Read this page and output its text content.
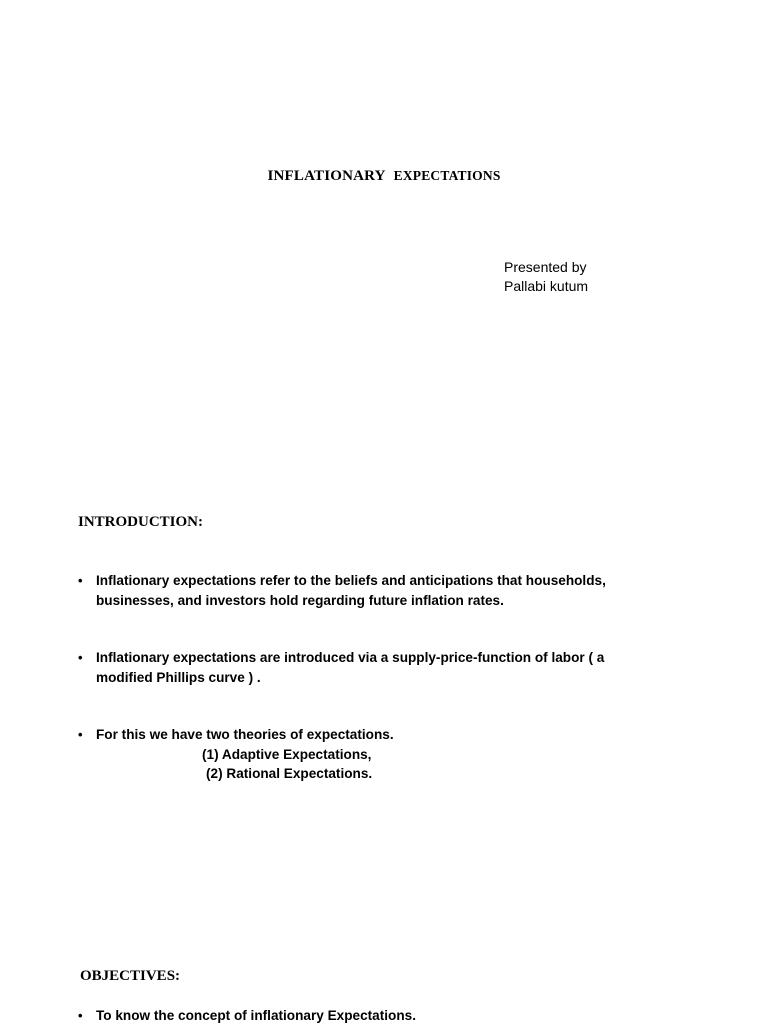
INFLATIONARY EXPECTATIONS
Presented by
Pallabi kutum
INTRODUCTION:
• Inflationary expectations refer to the beliefs and anticipations that households,
businesses, and investors hold regarding future inflation rates.
• Inflationary expectations are introduced via a supply-price-function of labor ( a
modified Phillips curve ) .
• For this we have two theories of expectations.
(1) Adaptive Expectations,
(2) Rational Expectations.
OBJECTIVES:
• To know the concept of inflationary Expectations.
